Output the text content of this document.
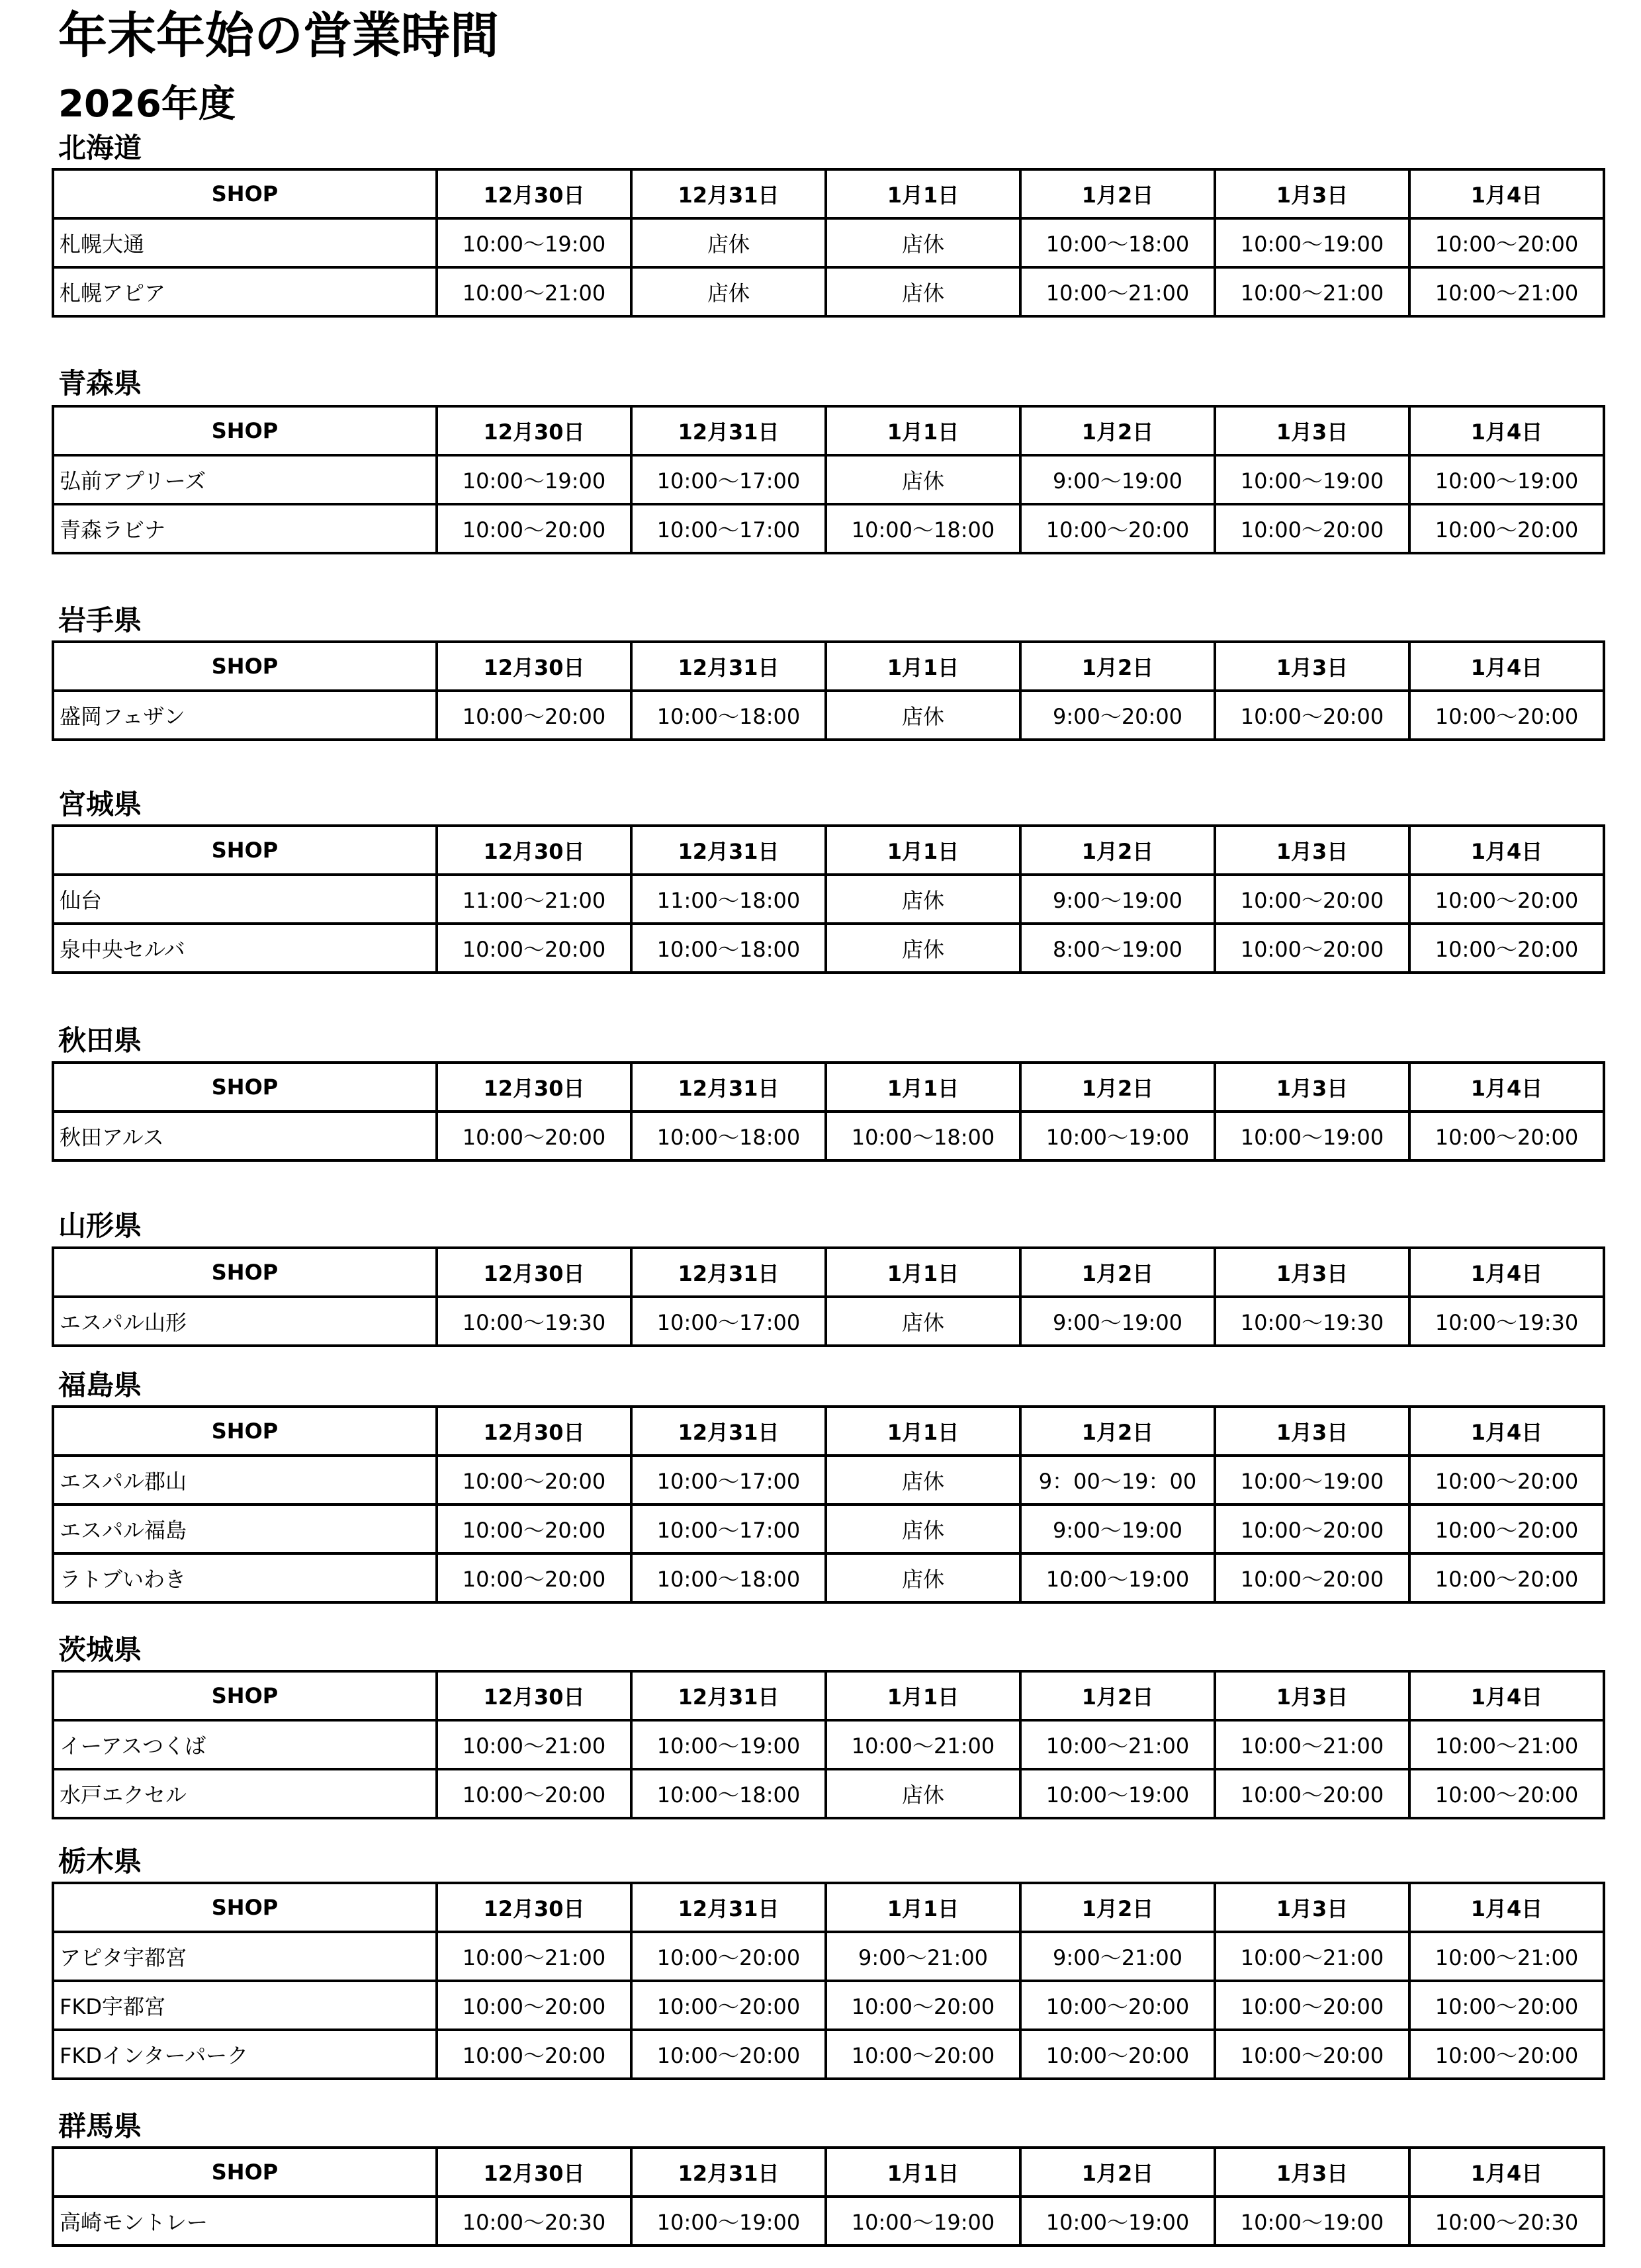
年末年始の営業時間
2026年度
北海道
SHOP	12月30日	12月31日	1月1日	1月2日	1月3日	1月4日
札幌大通	10:00～19:00	店休	店休	10:00～18:00	10:00～19:00	10:00～20:00
札幌アピア	10:00～21:00	店休	店休	10:00～21:00	10:00～21:00	10:00～21:00
青森県
SHOP	12月30日	12月31日	1月1日	1月2日	1月3日	1月4日
弘前アプリーズ	10:00～19:00	10:00～17:00	店休	9:00～19:00	10:00～19:00	10:00～19:00
青森ラビナ	10:00～20:00	10:00～17:00	10:00～18:00	10:00～20:00	10:00～20:00	10:00～20:00
岩手県
SHOP	12月30日	12月31日	1月1日	1月2日	1月3日	1月4日
盛岡フェザン	10:00～20:00	10:00～18:00	店休	9:00～20:00	10:00～20:00	10:00～20:00
宮城県
SHOP	12月30日	12月31日	1月1日	1月2日	1月3日	1月4日
仙台	11:00～21:00	11:00～18:00	店休	9:00～19:00	10:00～20:00	10:00～20:00
泉中央セルバ	10:00～20:00	10:00～18:00	店休	8:00～19:00	10:00～20:00	10:00～20:00
秋田県
SHOP	12月30日	12月31日	1月1日	1月2日	1月3日	1月4日
秋田アルス	10:00～20:00	10:00～18:00	10:00～18:00	10:00～19:00	10:00～19:00	10:00～20:00
山形県
SHOP	12月30日	12月31日	1月1日	1月2日	1月3日	1月4日
エスパル山形	10:00～19:30	10:00～17:00	店休	9:00～19:00	10:00～19:30	10:00～19:30
福島県
SHOP	12月30日	12月31日	1月1日	1月2日	1月3日	1月4日
エスパル郡山	10:00～20:00	10:00～17:00	店休	9：00～19：00	10:00～19:00	10:00～20:00
エスパル福島	10:00～20:00	10:00～17:00	店休	9:00～19:00	10:00～20:00	10:00～20:00
ラトブいわき	10:00～20:00	10:00～18:00	店休	10:00～19:00	10:00～20:00	10:00～20:00
茨城県
SHOP	12月30日	12月31日	1月1日	1月2日	1月3日	1月4日
イーアスつくば	10:00～21:00	10:00～19:00	10:00～21:00	10:00～21:00	10:00～21:00	10:00～21:00
水戸エクセル	10:00～20:00	10:00～18:00	店休	10:00～19:00	10:00～20:00	10:00～20:00
栃木県
SHOP	12月30日	12月31日	1月1日	1月2日	1月3日	1月4日
アピタ宇都宮	10:00～21:00	10:00～20:00	9:00～21:00	9:00～21:00	10:00～21:00	10:00～21:00
FKD宇都宮	10:00～20:00	10:00～20:00	10:00～20:00	10:00～20:00	10:00～20:00	10:00～20:00
FKDインターパーク	10:00～20:00	10:00～20:00	10:00～20:00	10:00～20:00	10:00～20:00	10:00～20:00
群馬県
SHOP	12月30日	12月31日	1月1日	1月2日	1月3日	1月4日
高崎モントレー	10:00～20:30	10:00～19:00	10:00～19:00	10:00～19:00	10:00～19:00	10:00～20:30
